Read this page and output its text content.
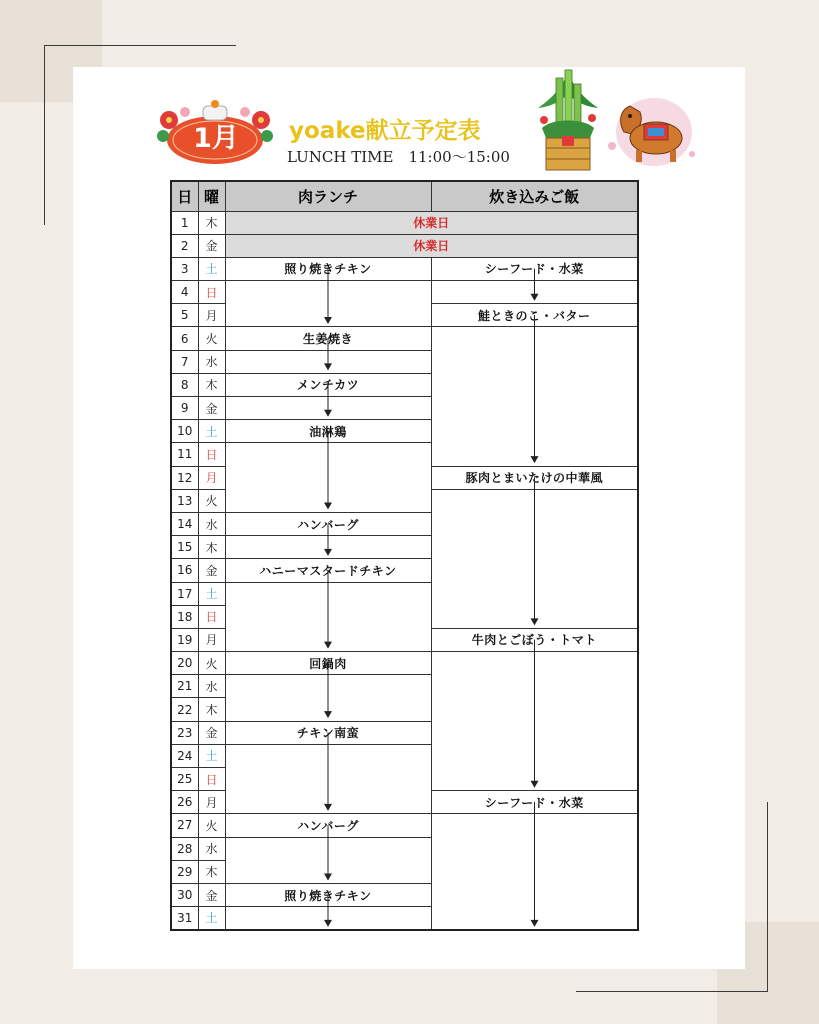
1月 yoake献立予定表
LUNCH TIME　11:00〜15:00
日	曜	肉ランチ	炊き込みご飯
1	木	休業日	
2	金	休業日	
3	土	照り焼きチキン	シーフード・水菜
4	日		
5	月		鮭ときのこ・バター
6	火	生姜焼き	
7	水		
8	木	メンチカツ	
9	金		
10	土	油淋鶏	
11	日		
12	月		豚肉とまいたけの中華風
13	火		
14	水	ハンバーグ	
15	木		
16	金	ハニーマスタードチキン	
17	土		
18	日		
19	月		牛肉とごぼう・トマト
20	火	回鍋肉	
21	水		
22	木		
23	金	チキン南蛮	
24	土		
25	日		
26	月		シーフード・水菜
27	火	ハンバーグ	
28	水		
29	木		
30	金	照り焼きチキン	
31	土		
